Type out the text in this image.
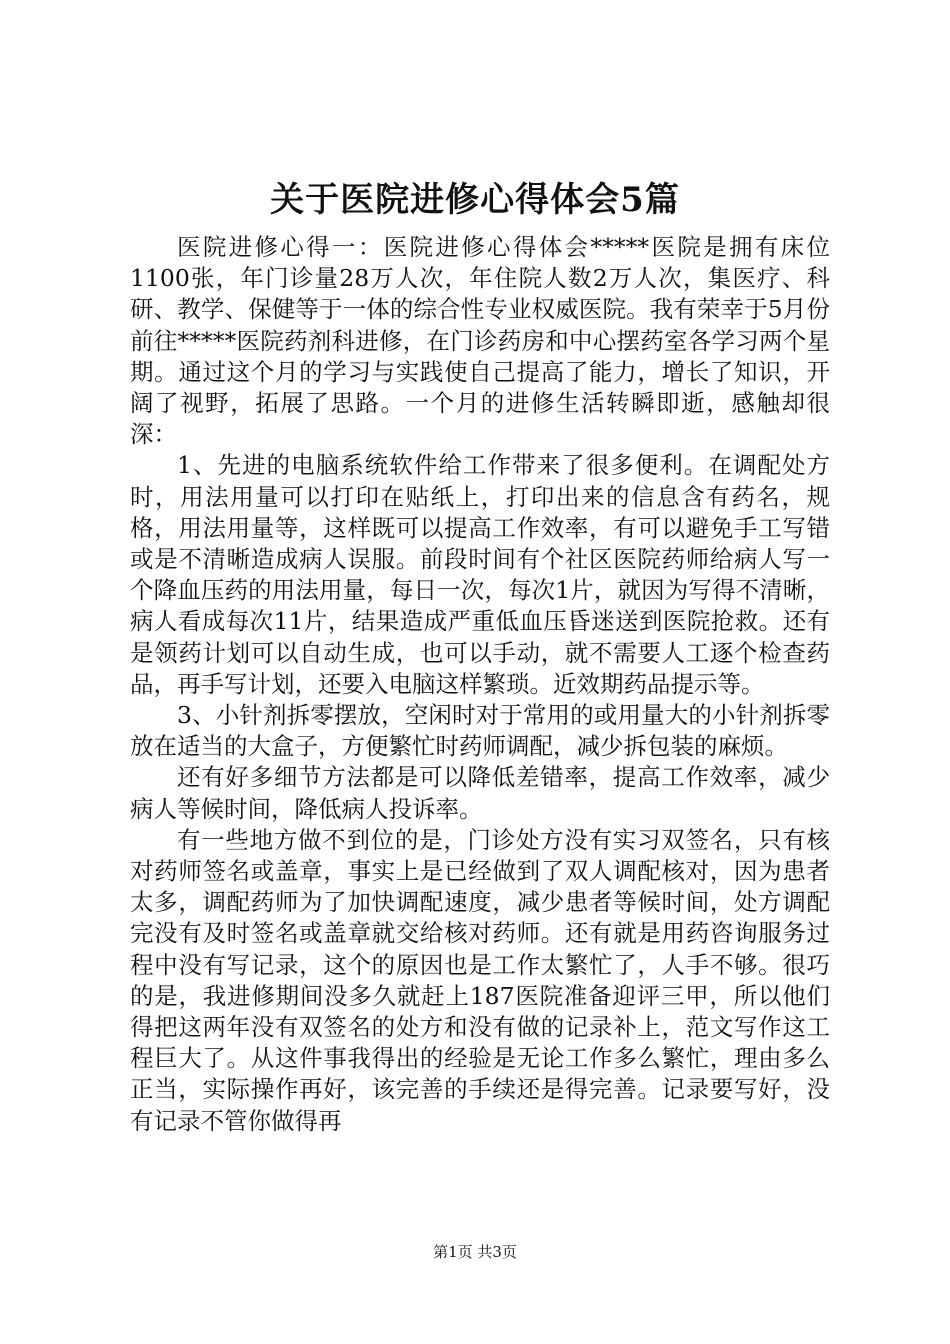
关于医院进修心得体会5篇

医院进修心得一：医院进修心得体会*****医院是拥有床位1100张，年门诊量28万人次，年住院人数2万人次，集医疗、科研、教学、保健等于一体的综合性专业权威医院。我有荣幸于5月份前往*****医院药剂科进修，在门诊药房和中心摆药室各学习两个星期。通过这个月的学习与实践使自己提高了能力，增长了知识，开阔了视野，拓展了思路。一个月的进修生活转瞬即逝，感触却很深：

1、先进的电脑系统软件给工作带来了很多便利。在调配处方时，用法用量可以打印在贴纸上，打印出来的信息含有药名，规格，用法用量等，这样既可以提高工作效率，有可以避免手工写错或是不清晰造成病人误服。前段时间有个社区医院药师给病人写一个降血压药的用法用量，每日一次，每次1片，就因为写得不清晰，病人看成每次11片，结果造成严重低血压昏迷送到医院抢救。还有是领药计划可以自动生成，也可以手动，就不需要人工逐个检查药品，再手写计划，还要入电脑这样繁琐。近效期药品提示等。

3、小针剂拆零摆放，空闲时对于常用的或用量大的小针剂拆零放在适当的大盒子，方便繁忙时药师调配，减少拆包装的麻烦。

还有好多细节方法都是可以降低差错率，提高工作效率，减少病人等候时间，降低病人投诉率。

有一些地方做不到位的是，门诊处方没有实习双签名，只有核对药师签名或盖章，事实上是已经做到了双人调配核对，因为患者太多，调配药师为了加快调配速度，减少患者等候时间，处方调配完没有及时签名或盖章就交给核对药师。还有就是用药咨询服务过程中没有写记录，这个的原因也是工作太繁忙了，人手不够。很巧的是，我进修期间没多久就赶上187医院准备迎评三甲，所以他们得把这两年没有双签名的处方和没有做的记录补上，范文写作这工程巨大了。从这件事我得出的经验是无论工作多么繁忙，理由多么正当，实际操作再好，该完善的手续还是得完善。记录要写好，没有记录不管你做得再

第1页 共3页
